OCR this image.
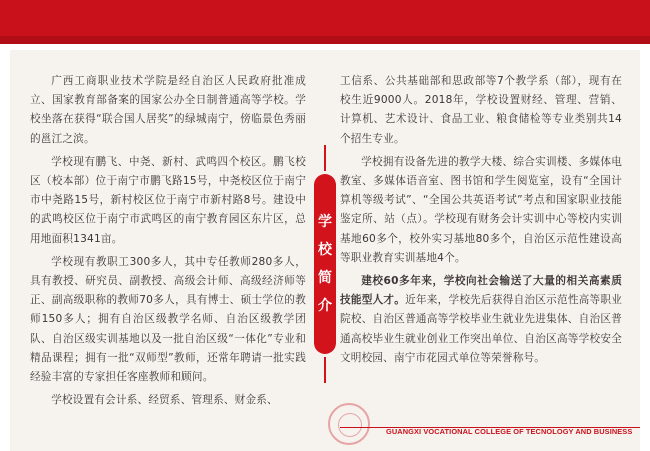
广西工商职业技术学院是经自治区人民政府批准成立、国家教育部备案的国家公办全日制普通高等学校。学校坐落在获得“联合国人居奖”的绿城南宁，傍临景色秀丽的邕江之滨。

学校现有鹏飞、中尧、新村、武鸣四个校区。鹏飞校区（校本部）位于南宁市鹏飞路15号，中尧校区位于南宁市中尧路15号，新村校区位于南宁市新村路8号。建设中的武鸣校区位于南宁市武鸣区的南宁教育园区东片区，总用地面积1341亩。

学校现有教职工300多人，其中专任教师280多人，具有教授、研究员、副教授、高级会计师、高级经济师等正、副高级职称的教师70多人，具有博士、硕士学位的教师150多人；拥有自治区级教学名师、自治区级教学团队、自治区级实训基地以及一批自治区级“一体化”专业和精品课程；拥有一批“双师型”教师，还常年聘请一批实践经验丰富的专家担任客座教师和顾问。

学校设置有会计系、经贸系、管理系、财金系、

学
校
简
介

工信系、公共基础部和思政部等7个教学系（部），现有在校生近9000人。2018年，学校设置财经、管理、营销、计算机、艺术设计、食品工业、粮食储检等专业类别共14个招生专业。

学校拥有设备先进的教学大楼、综合实训楼、多媒体电教室、多媒体语音室、图书馆和学生阅览室，设有“全国计算机等级考试”、“全国公共英语考试”考点和国家职业技能鉴定所、站（点）。学校现有财务会计实训中心等校内实训基地60多个，校外实习基地80多个，自治区示范性建设高等职业教育实训基地4个。

建校60多年来，学校向社会输送了大量的相关高素质技能型人才。近年来，学校先后获得自治区示范性高等职业院校、自治区普通高等学校毕业生就业先进集体、自治区普通高校毕业生就业创业工作突出单位、自治区高等学校安全文明校园、南宁市花园式单位等荣誉称号。

GUANGXI VOCATIONAL COLLEGE OF TECNOLOGY AND BUSINESS
